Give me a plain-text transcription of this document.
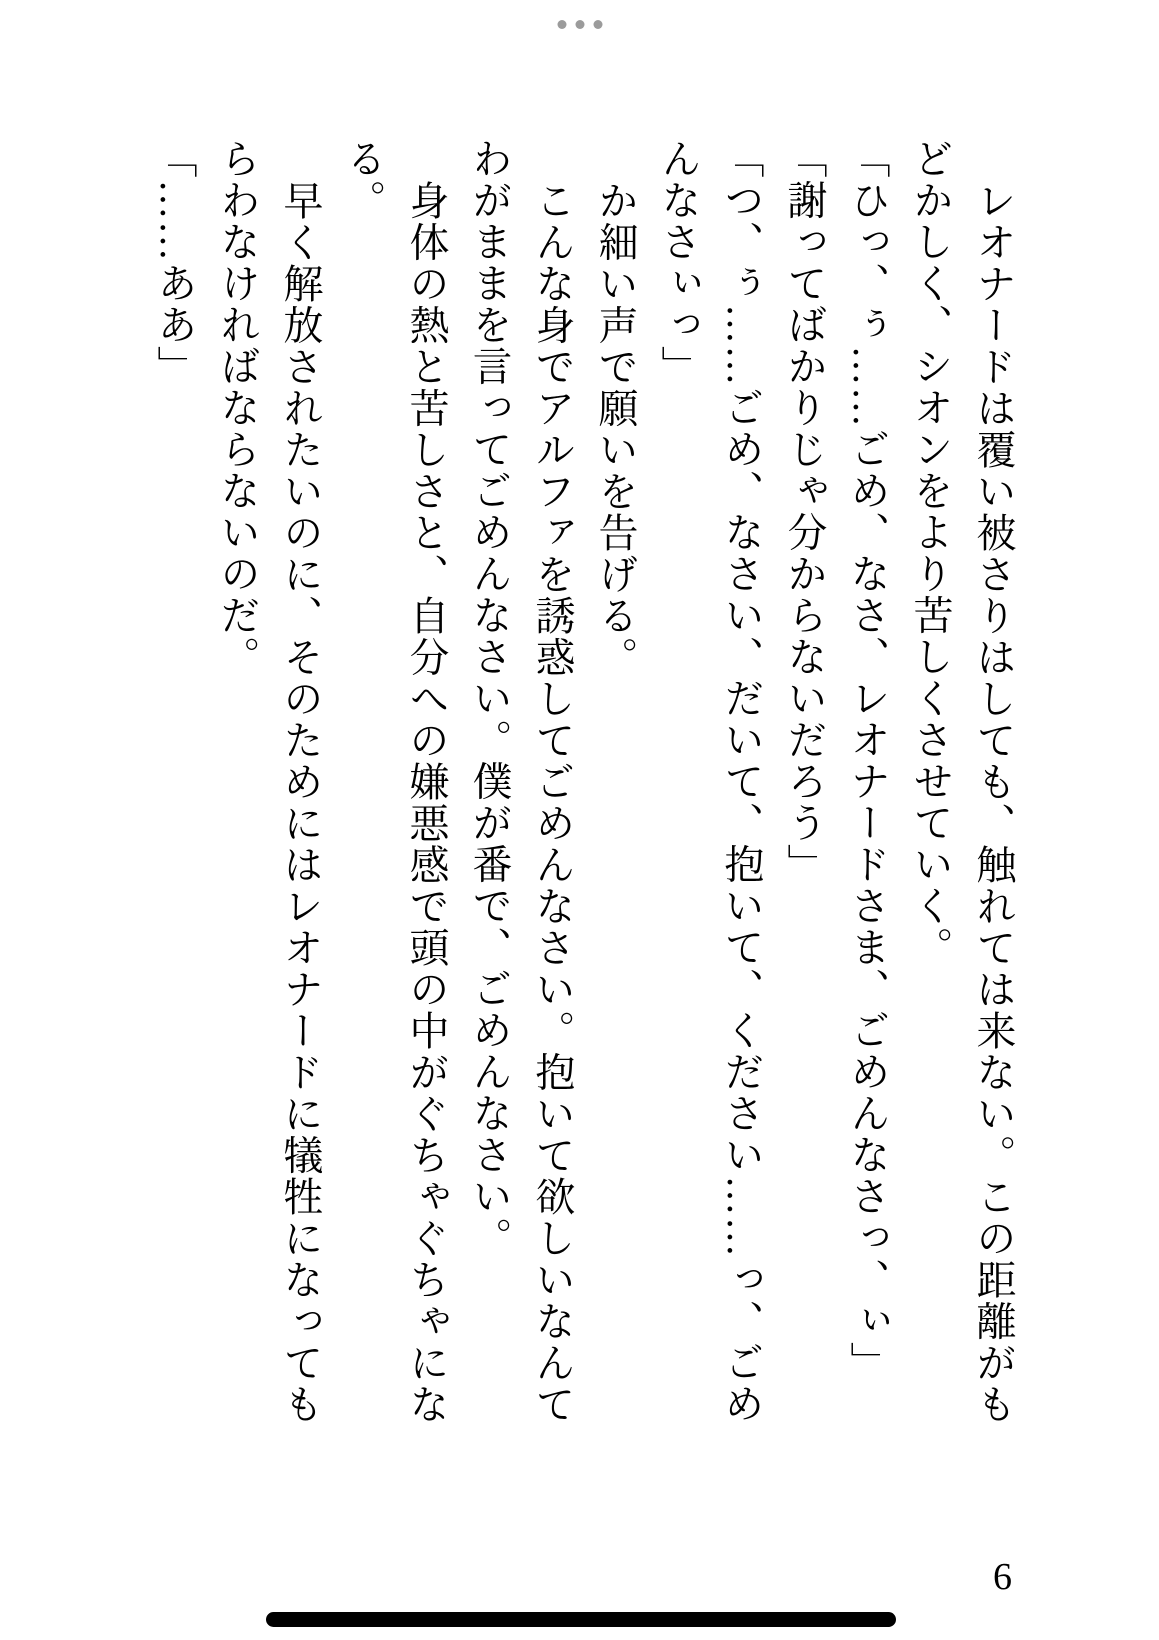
レオナードは覆い被さりはしても、触れては来ない。この距離がも

どかしく、シオンをより苦しくさせていく。

「ひっ、ぅ……ごめ、なさ、レオナードさま、ごめんなさっ、ぃ」

「謝ってばかりじゃ分からないだろう」

「つ、ぅ……ごめ、なさい、だいて、抱いて、ください……っ、ごめ

んなさぃっ」

か細い声で願いを告げる。

こんな身でアルファを誘惑してごめんなさい。抱いて欲しいなんて

わがままを言ってごめんなさい。僕が番で、ごめんなさい。

身体の熱と苦しさと、自分への嫌悪感で頭の中がぐちゃぐちゃにな

る。

早く解放されたいのに、そのためにはレオナードに犠牲になっても

らわなければならないのだ。

「……ああ」

6
